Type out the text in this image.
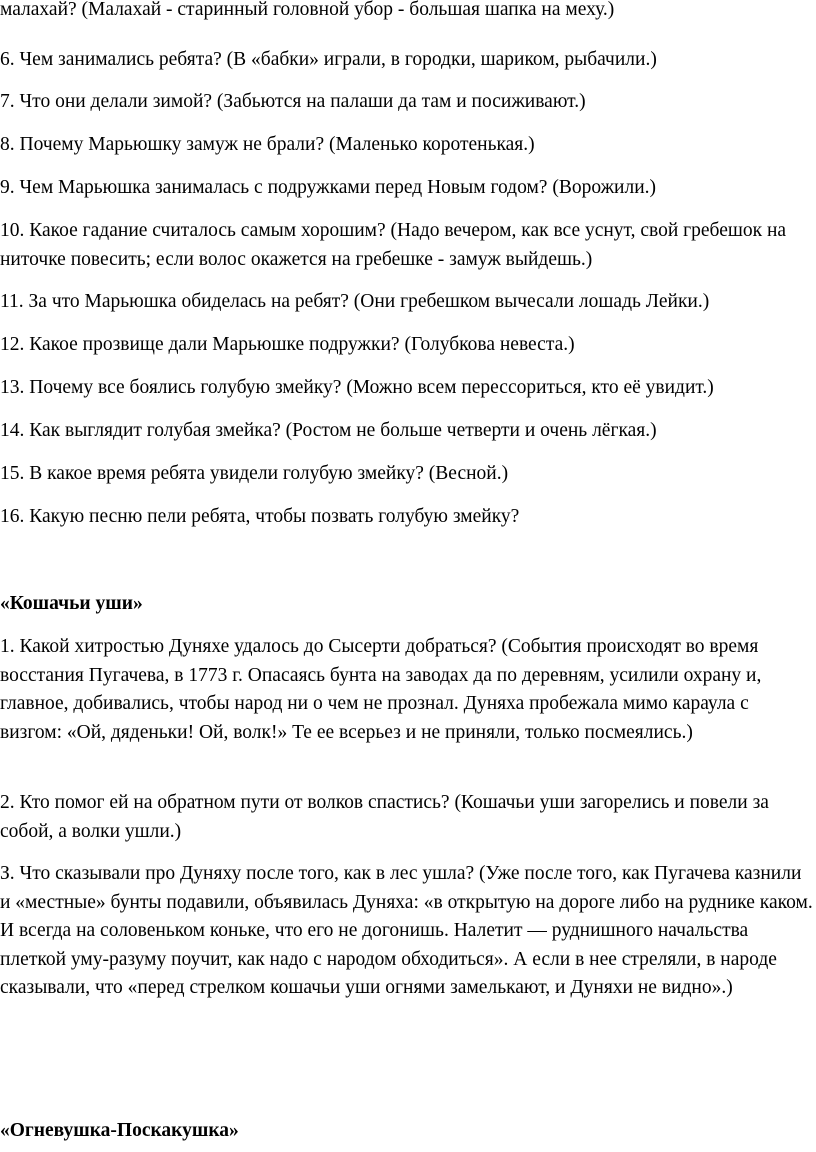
малахай? (Малахай - старинный головной убор - большая шапка на меху.)

6. Чем занимались ребята? (В «бабки» играли, в городки, шариком, рыбачили.)

7. Что они делали зимой? (Забьются на палаши да там и посиживают.)

8. Почему Марьюшку замуж не брали? (Маленько коротенькая.)

9. Чем Марьюшка занималась с подружками перед Новым годом? (Ворожили.)

10. Какое гадание считалось самым хорошим? (Надо вечером, как все уснут, свой гребешок на ниточке повесить; если волос окажется на гребешке - замуж выйдешь.)

11. За что Марьюшка обиделась на ребят? (Они гребешком вычесали лошадь Лейки.)

12. Какое прозвище дали Марьюшке подружки? (Голубкова невеста.)

13. Почему все боялись голубую змейку? (Можно всем перессориться, кто её увидит.)

14. Как выглядит голубая змейка? (Ростом не больше четверти и очень лёгкая.)

15. В какое время ребята увидели голубую змейку? (Весной.)

16. Какую песню пели ребята, чтобы позвать голубую змейку?

«Кошачьи уши»

1. Какой хитростью Дуняхе удалось до Сысерти добраться? (События происходят во время восстания Пугачева, в 1773 г. Опасаясь бунта на заводах да по деревням, усилили охрану и, главное, добивались, чтобы народ ни о чем не прознал. Дуняха пробежала мимо караула с визгом: «Ой, дяденьки! Ой, волк!» Те ее всерьез и не приняли, только посмеялись.)

2. Кто помог ей на обратном пути от волков спастись? (Кошачьи уши загорелись и повели за собой, а волки ушли.)

З. Что сказывали про Дуняху после того, как в лес ушла? (Уже после того, как Пугачева казнили и «местные» бунты подавили, объявилась Дуняха: «в открытую на дороге либо на руднике каком. И всегда на соловеньком коньке, что его не догонишь. Налетит — руднишного начальства плеткой уму-разуму поучит, как надо с народом обходиться». А если в нее стреляли, в народе сказывали, что «перед стрелком кошачьи уши огнями замелькают, и Дуняхи не видно».)

«Огневушка-Поскакушка»
